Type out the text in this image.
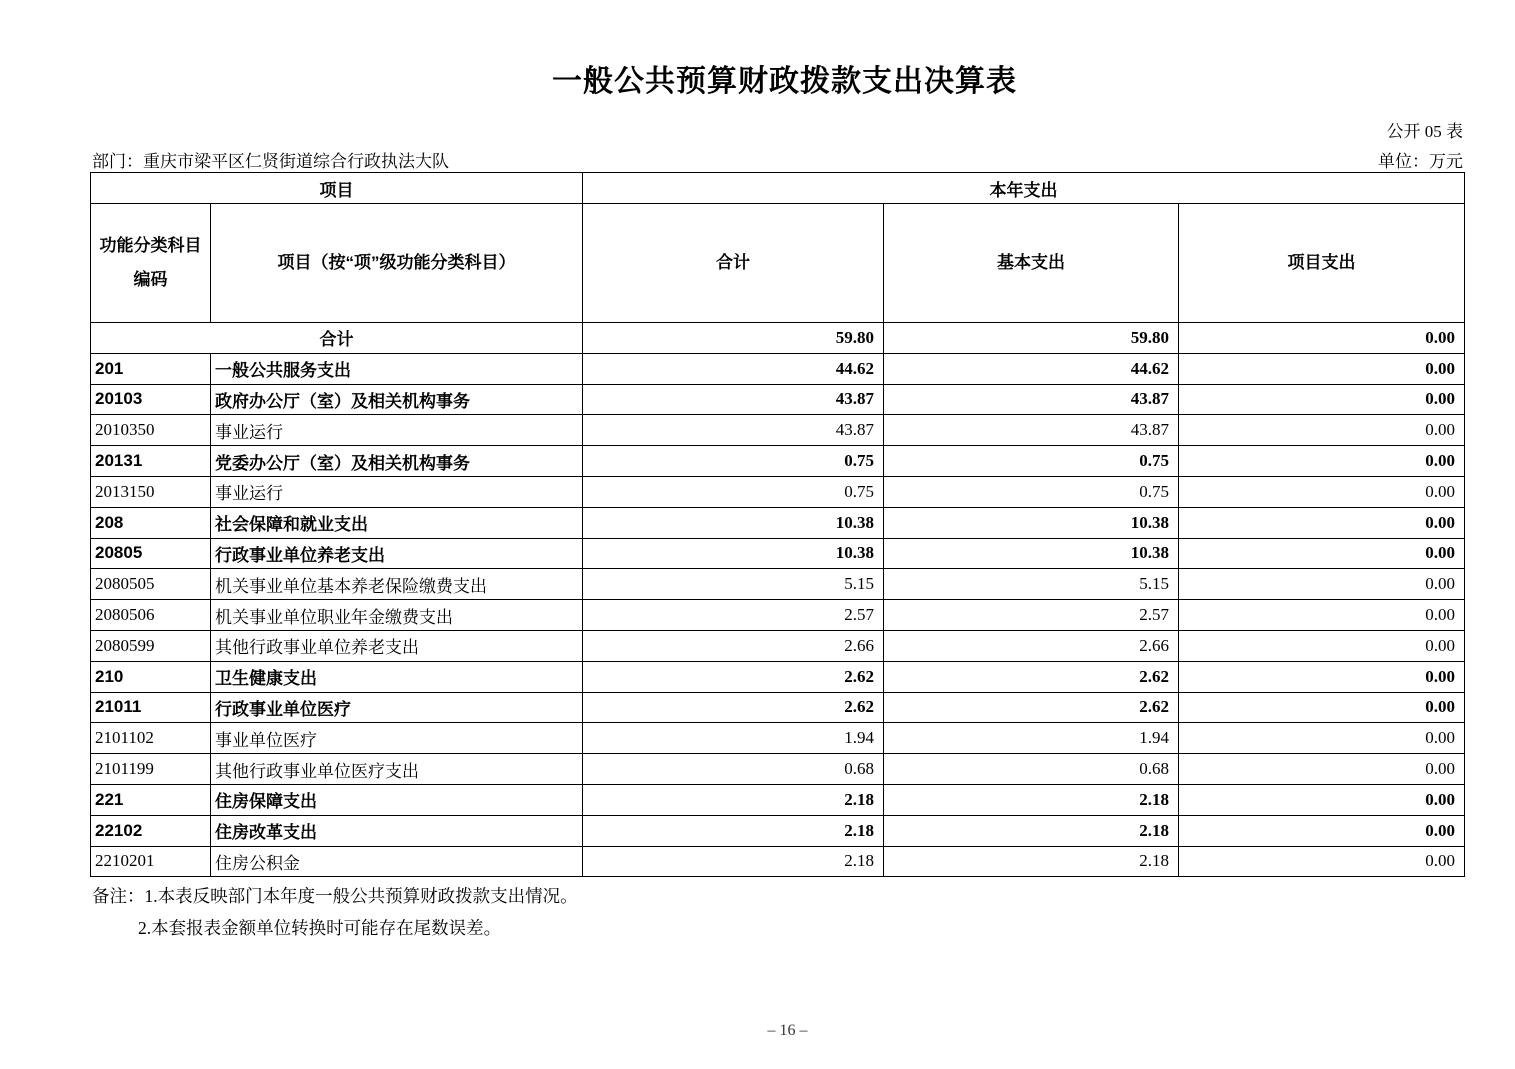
一般公共预算财政拨款支出决算表
公开 05 表
部门：重庆市梁平区仁贤街道综合行政执法大队	单位：万元
项目		本年支出		
功能分类科目
编码	项目（按“项”级功能分类科目）	合计	基本支出	项目支出
合计		59.80	59.80	0.00
201	一般公共服务支出	44.62	44.62	0.00
20103	政府办公厅（室）及相关机构事务	43.87	43.87	0.00
2010350	事业运行	43.87	43.87	0.00
20131	党委办公厅（室）及相关机构事务	0.75	0.75	0.00
2013150	事业运行	0.75	0.75	0.00
208	社会保障和就业支出	10.38	10.38	0.00
20805	行政事业单位养老支出	10.38	10.38	0.00
2080505	机关事业单位基本养老保险缴费支出	5.15	5.15	0.00
2080506	机关事业单位职业年金缴费支出	2.57	2.57	0.00
2080599	其他行政事业单位养老支出	2.66	2.66	0.00
210	卫生健康支出	2.62	2.62	0.00
21011	行政事业单位医疗	2.62	2.62	0.00
2101102	事业单位医疗	1.94	1.94	0.00
2101199	其他行政事业单位医疗支出	0.68	0.68	0.00
221	住房保障支出	2.18	2.18	0.00
22102	住房改革支出	2.18	2.18	0.00
2210201	住房公积金	2.18	2.18	0.00
备注：1.本表反映部门本年度一般公共预算财政拨款支出情况。
2.本套报表金额单位转换时可能存在尾数误差。
– 16 –
